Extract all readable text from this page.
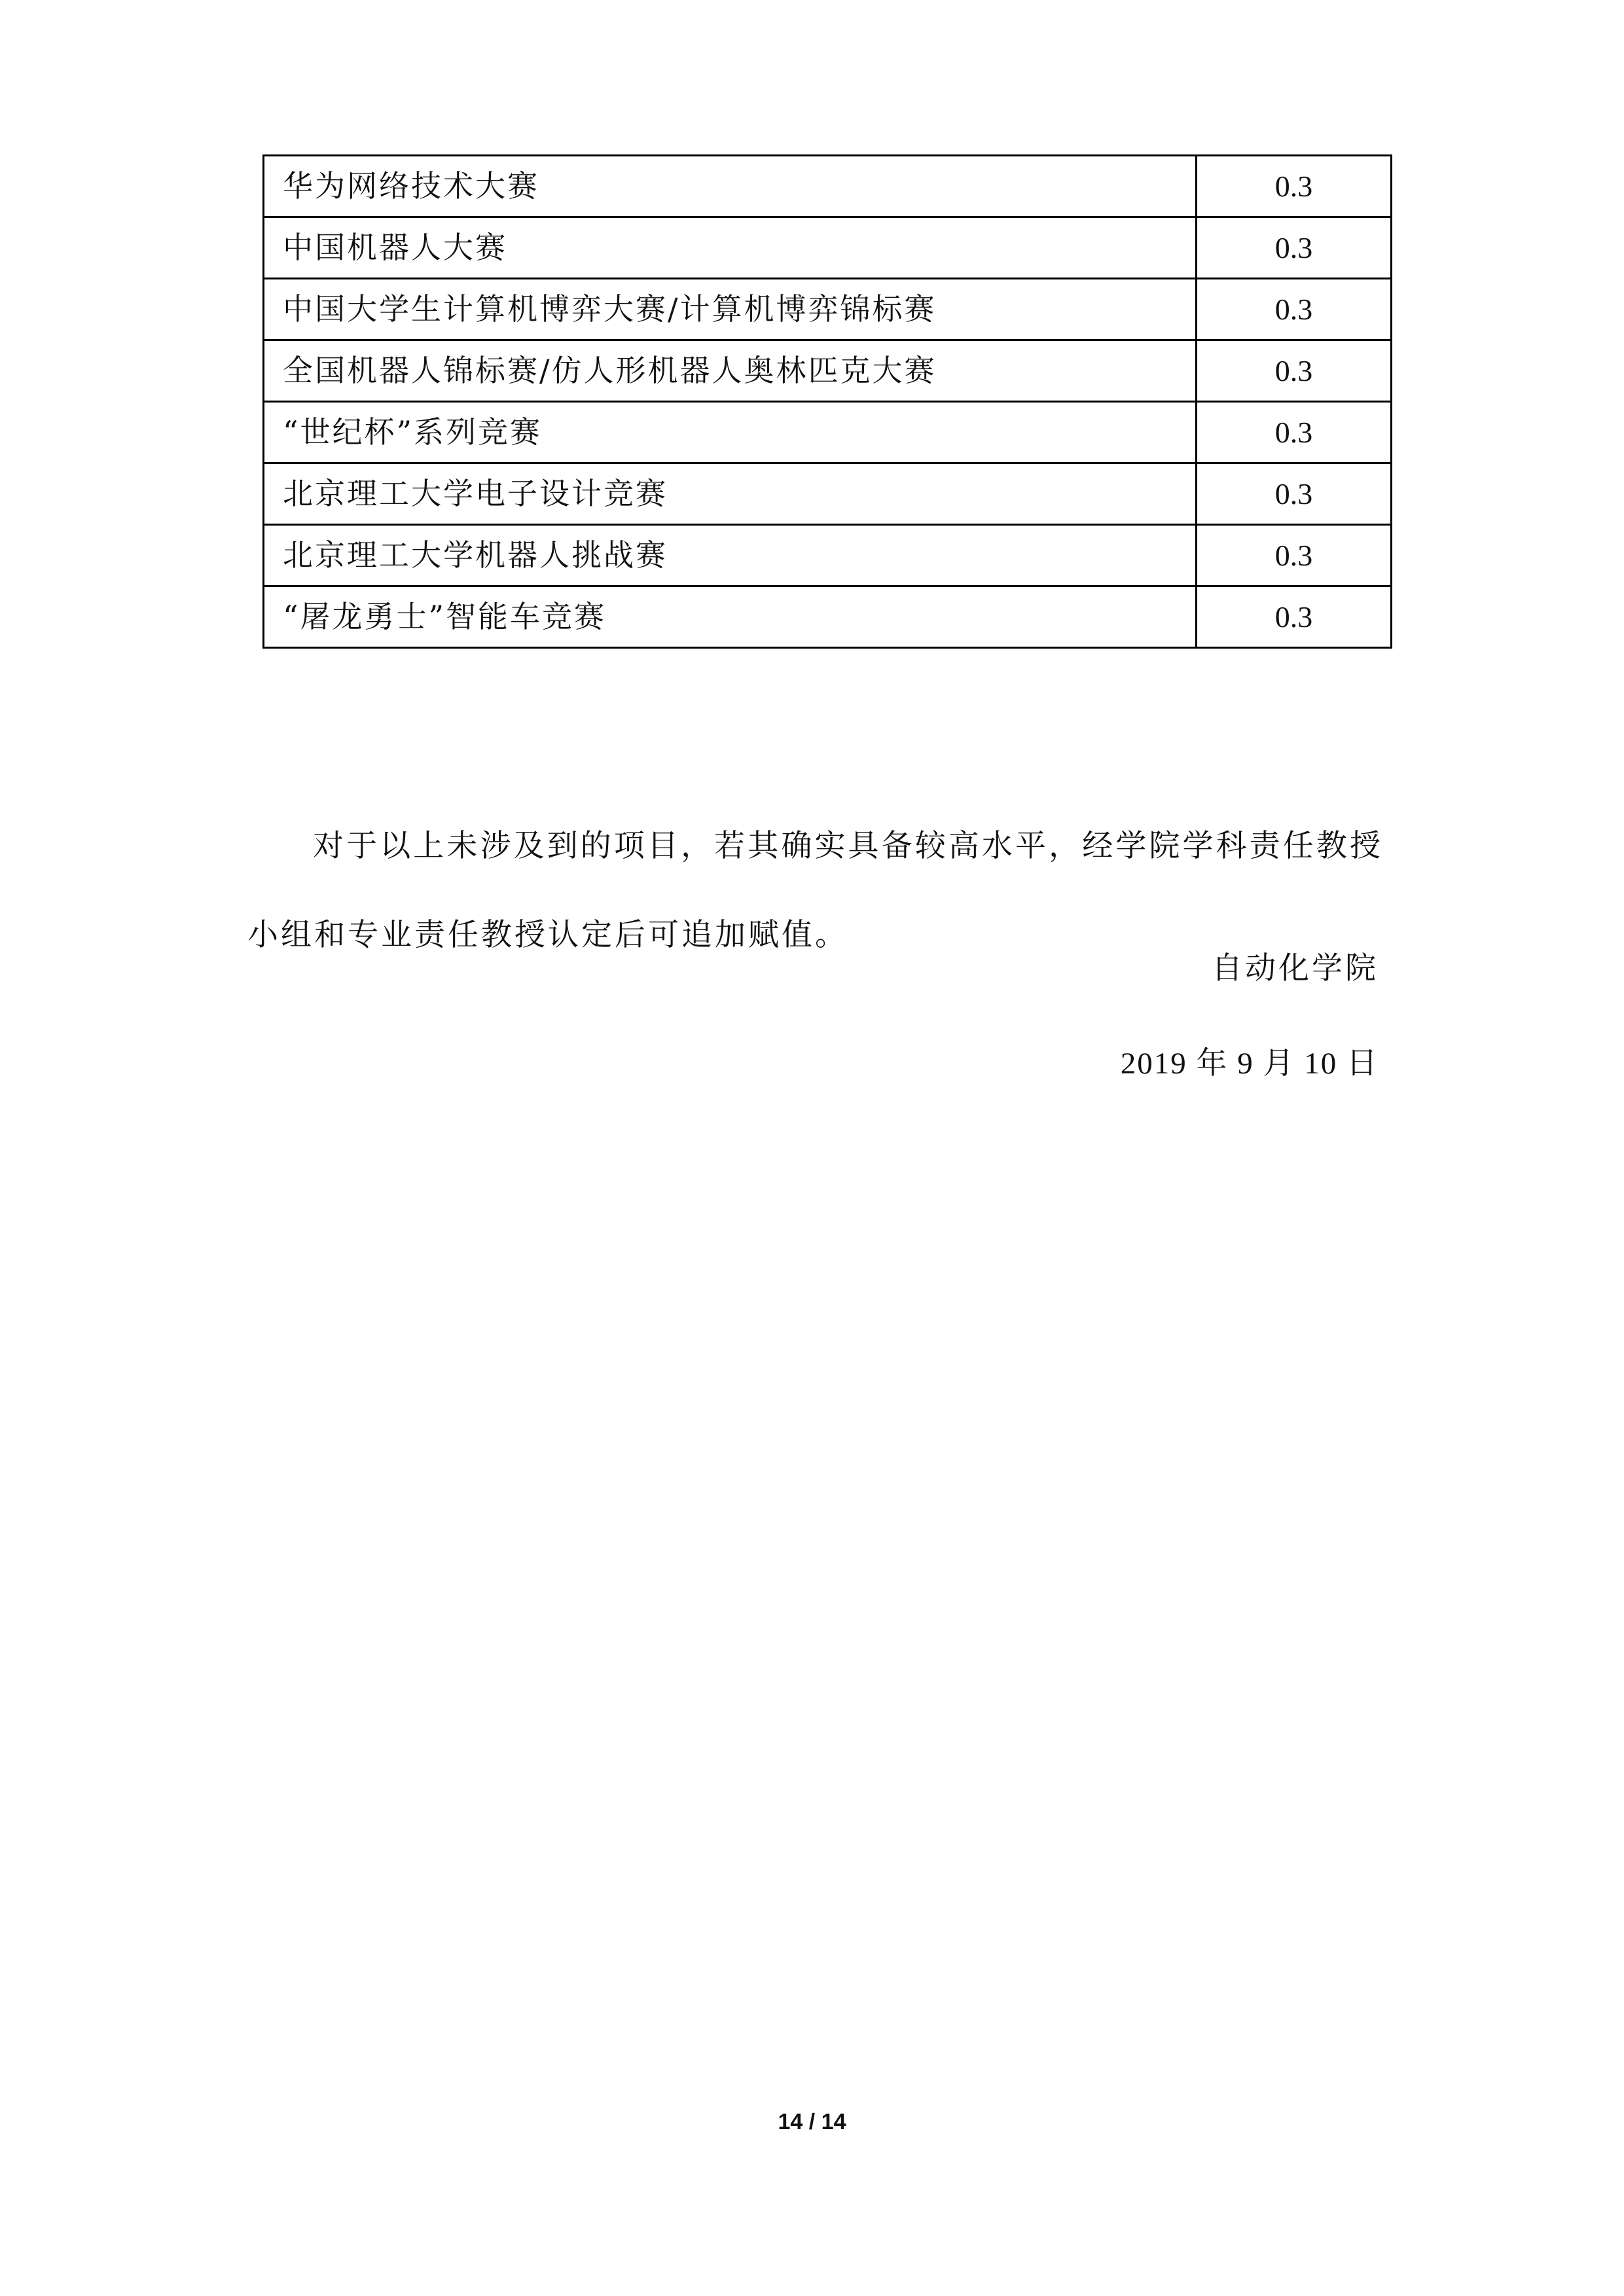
华为网络技术大赛	0.3
中国机器人大赛	0.3
中国大学生计算机博弈大赛/计算机博弈锦标赛	0.3
全国机器人锦标赛/仿人形机器人奥林匹克大赛	0.3
“世纪杯”系列竞赛	0.3
北京理工大学电子设计竞赛	0.3
北京理工大学机器人挑战赛	0.3
“屠龙勇士”智能车竞赛	0.3

对于以上未涉及到的项目，若其确实具备较高水平，经学院学科责任教授小组和专业责任教授认定后可追加赋值。

自动化学院
2019 年 9 月 10 日
14 / 14
